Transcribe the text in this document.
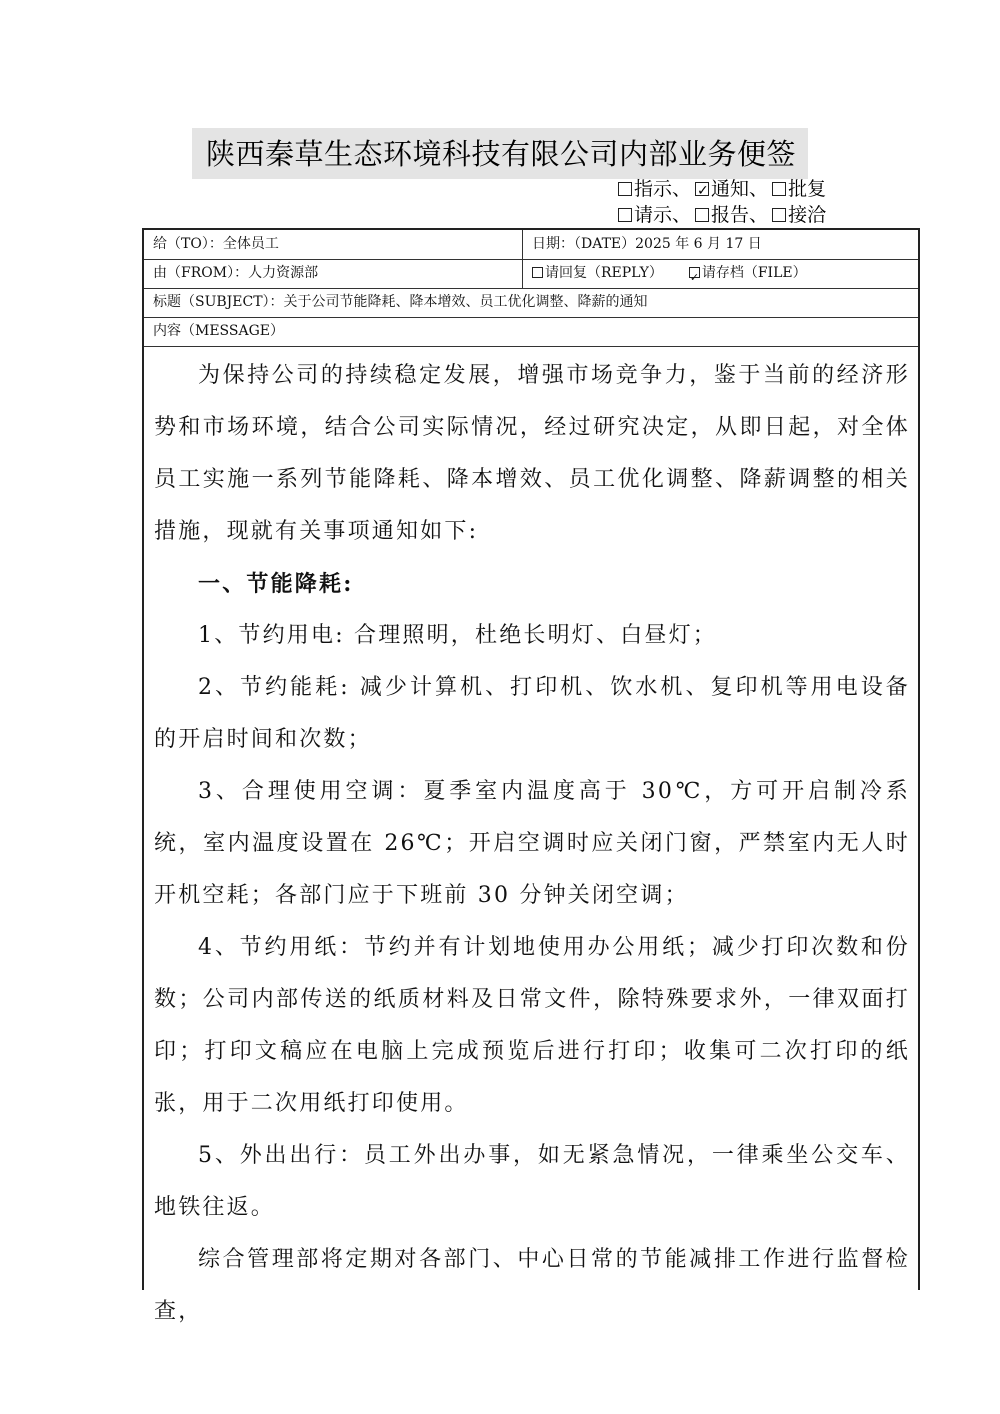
陕西秦草生态环境科技有限公司内部业务便签
指示、 ✓ 通知、 批复
请示、 报告、 接洽
给（TO）：全体员工	日期：（DATE）2025 年 6 月 17 日
由（FROM）：人力资源部	请回复（REPLY） ✓	请存档（FILE）
标题（SUBJECT）：关于公司节能降耗、降本增效、员工优化调整、降薪的通知
内容（MESSAGE）

为保持公司的持续稳定发展，增强市场竞争力，鉴于当前的经济形势和市场环境，结合公司实际情况，经过研究决定，从即日起，对全体员工实施一系列节能降耗、降本增效、员工优化调整、降薪调整的相关措施，现就有关事项通知如下:

一、节能降耗:

1、节约用电: 合理照明，杜绝长明灯、白昼灯；

2、节约能耗: 减少计算机、打印机、饮水机、复印机等用电设备的开启时间和次数；

3、合理使用空调：夏季室内温度高于 30℃，方可开启制冷系统，室内温度设置在 26℃；开启空调时应关闭门窗，严禁室内无人时开机空耗；各部门应于下班前 30 分钟关闭空调；

4、节约用纸：节约并有计划地使用办公用纸；减少打印次数和份数；公司内部传送的纸质材料及日常文件，除特殊要求外，一律双面打印；打印文稿应在电脑上完成预览后进行打印；收集可二次打印的纸张，用于二次用纸打印使用。

5、外出出行：员工外出办事，如无紧急情况，一律乘坐公交车、地铁往返。

综合管理部将定期对各部门、中心日常的节能减排工作进行监督检查，
